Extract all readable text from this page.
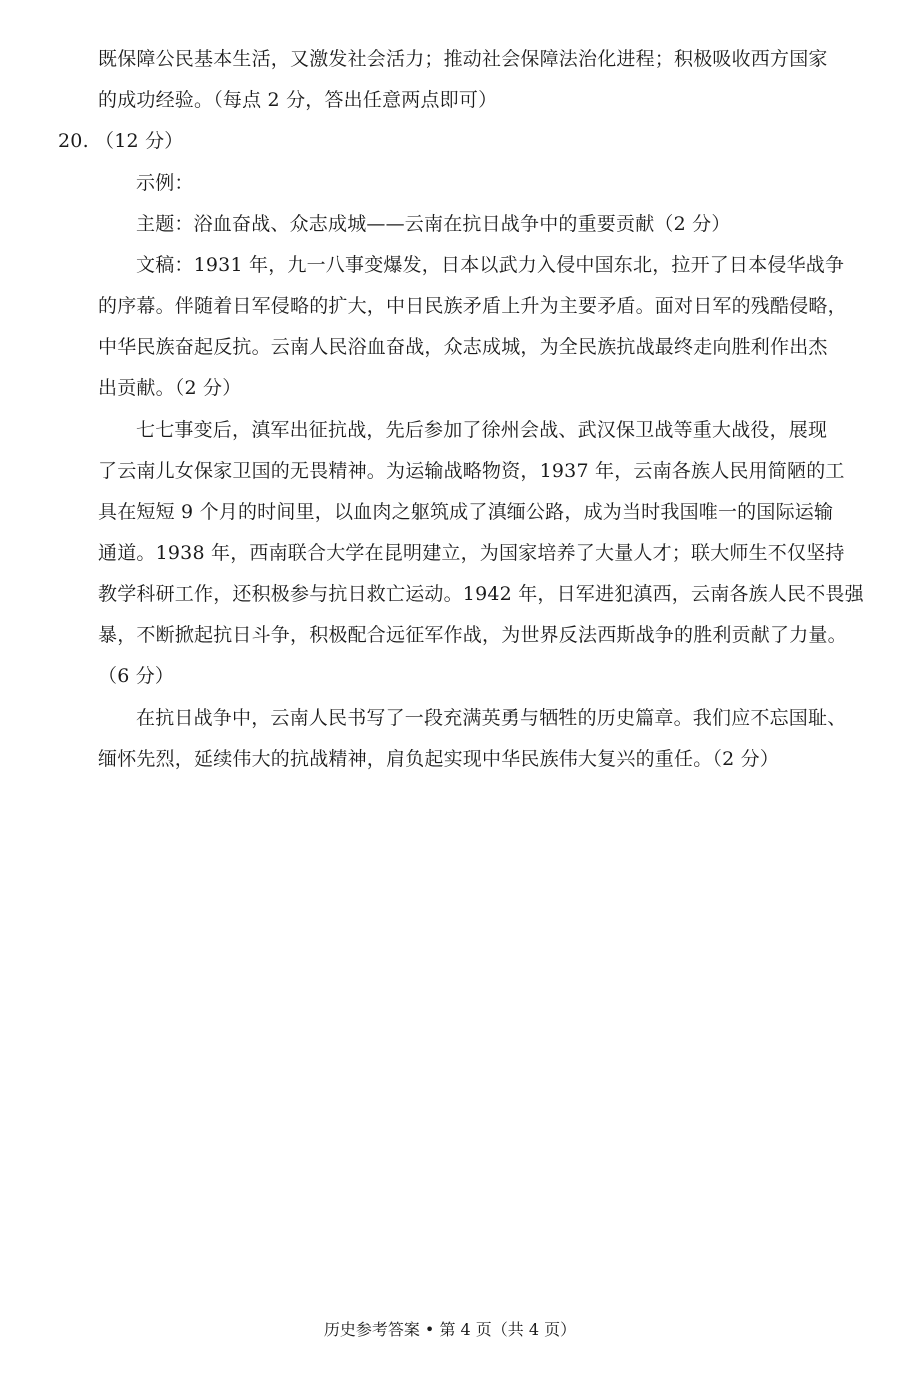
既保障公民基本生活，又激发社会活力；推动社会保障法治化进程；积极吸收西方国家
的成功经验。（每点 2 分，答出任意两点即可）
20. （12 分）
示例：
主题：浴血奋战、众志成城——云南在抗日战争中的重要贡献（2 分）
文稿：1931 年，九一八事变爆发，日本以武力入侵中国东北，拉开了日本侵华战争
的序幕。伴随着日军侵略的扩大，中日民族矛盾上升为主要矛盾。面对日军的残酷侵略，
中华民族奋起反抗。云南人民浴血奋战，众志成城，为全民族抗战最终走向胜利作出杰
出贡献。（2 分）
七七事变后，滇军出征抗战，先后参加了徐州会战、武汉保卫战等重大战役，展现
了云南儿女保家卫国的无畏精神。为运输战略物资，1937 年，云南各族人民用简陋的工
具在短短 9 个月的时间里，以血肉之躯筑成了滇缅公路，成为当时我国唯一的国际运输
通道。1938 年，西南联合大学在昆明建立，为国家培养了大量人才；联大师生不仅坚持
教学科研工作，还积极参与抗日救亡运动。1942 年，日军进犯滇西，云南各族人民不畏强
暴，不断掀起抗日斗争，积极配合远征军作战，为世界反法西斯战争的胜利贡献了力量。
（6 分）
在抗日战争中，云南人民书写了一段充满英勇与牺牲的历史篇章。我们应不忘国耻、
缅怀先烈，延续伟大的抗战精神，肩负起实现中华民族伟大复兴的重任。（2 分）
历史参考答案 • 第 4 页（共 4 页）
